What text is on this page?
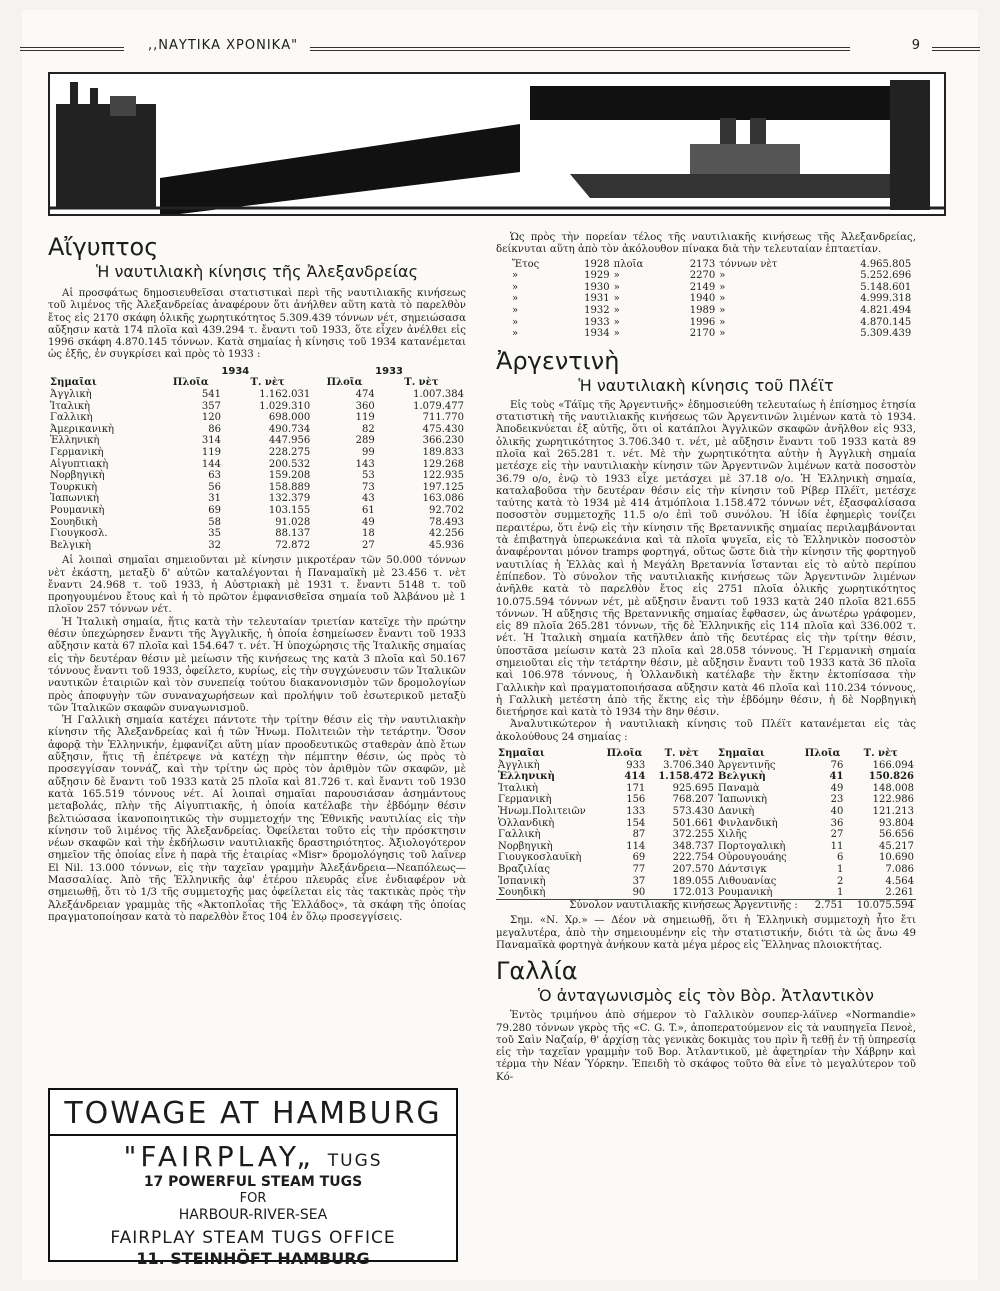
,,ΝΑΥΤΙΚΑ ΧΡΟΝΙΚΑ"	9
Αἴγυπτος
Ἡ ναυτιλιακὴ κίνησις τῆς Ἀλεξανδρείας

Αἱ προσφάτως δημοσιευθεῖσαι στατιστικαὶ περὶ τῆς ναυτιλιακῆς κινήσεως τοῦ λιμένος τῆς Ἀλεξανδρείας ἀναφέρουν ὅτι ἀνήλθεν αὕτη κατὰ τὸ παρελθὸν ἔτος εἰς 2170 σκάφη ὁλικῆς χωρητικότητος 5.309.439 τόννων νέτ, σημειώσασα αὔξησιν κατὰ 174 πλοῖα καὶ 439.294 τ. ἔναντι τοῦ 1933, ὅτε εἶχεν ἀνέλθει εἰς 1996 σκάφη 4.870.145 τόννων. Κατὰ σημαίας ἡ κίνησις τοῦ 1934 κατανέμεται ὡς ἑξῆς, ἐν συγκρίσει καὶ πρὸς τὸ 1933 :

	1934		1933	
Σημαῖαι	Πλοῖα	Τ. νὲτ	Πλοῖα	Τ. νὲτ
Ἀγγλικὴ	541	1.162.031	474	1.007.384
Ἰταλικὴ	357	1.029.310	360	1.079.477
Γαλλικὴ	120	698.000	119	711.770
Ἀμερικανικὴ	86	490.734	82	475.430
Ἑλληνικὴ	314	447.956	289	366.230
Γερμανικὴ	119	228.275	99	189.833
Αἰγυπτιακὴ	144	200.532	143	129.268
Νορβηγικὴ	63	159.208	53	122.935
Τουρκικὴ	56	158.889	73	197.125
Ἰαπωνικὴ	31	132.379	43	163.086
Ρουμανικὴ	69	103.155	61	92.702
Σουηδικὴ	58	91.028	49	78.493
Γιουγκοσλ.	35	88.137	18	42.256
Βελγικὴ	32	72.872	27	45.936

Αἱ λοιπαὶ σημαῖαι σημειοῦνται μὲ κίνησιν μικροτέραν τῶν 50.000 τόννων νὲτ ἑκάστη, μεταξὺ δ' αὐτῶν καταλέγονται ἡ Παναμαϊκὴ μὲ 23.456 τ. νὲτ ἔναντι 24.968 τ. τοῦ 1933, ἡ Αὐστριακὴ μὲ 1931 τ. ἔναντι 5148 τ. τοῦ προηγουμένου ἔτους καὶ ἡ τὸ πρῶτον ἐμφανισθεῖσα σημαία τοῦ Ἀλβάνου μὲ 1 πλοῖον 257 τόννων νέτ.

Ἡ Ἰταλικὴ σημαία, ἥτις κατὰ τὴν τελευταίαν τριετίαν κατεῖχε τὴν πρώτην θέσιν ὑπεχώρησεν ἔναντι τῆς Ἀγγλικῆς, ἡ ὁποία ἐσημείωσεν ἔναντι τοῦ 1933 αὔξησιν κατὰ 67 πλοῖα καὶ 154.647 τ. νέτ. Ἡ ὑποχώρησις τῆς Ἰταλικῆς σημαίας εἰς τὴν δευτέραν θέσιν μὲ μείωσιν τῆς κινήσεως της κατὰ 3 πλοῖα καὶ 50.167 τόννους ἔναντι τοῦ 1933, ὀφείλετο, κυρίως, εἰς τὴν συγχώνευσιν τῶν Ἰταλικῶν ναυτικῶν ἑταιριῶν καὶ τὸν συνεπείᾳ τούτου διακανονισμὸν τῶν δρομολογίων πρὸς ἀποφυγὴν τῶν συναναχωρήσεων καὶ προλήψιν τοῦ ἐσωτερικοῦ μεταξὺ τῶν Ἰταλικῶν σκαφῶν συναγωνισμοῦ.

Ἡ Γαλλικὴ σημαία κατέχει πάντοτε τὴν τρίτην θέσιν εἰς τὴν ναυτιλιακὴν κίνησιν τῆς Ἀλεξανδρείας καὶ ἡ τῶν Ἡνωμ. Πολιτειῶν τὴν τετάρτην. Ὅσον ἀφορᾷ τὴν Ἑλληνικήν, ἐμφανίζει αὕτη μίαν προοδευτικῶς σταθερὰν ἀπὸ ἔτων αὔξησιν, ἥτις τῇ ἐπέτρεψε νὰ κατέχῃ τὴν πέμπτην θέσιν, ὡς πρὸς τὸ προσεγγίσαν τοννάζ, καὶ τὴν τρίτην ὡς πρὸς τὸν ἀριθμὸν τῶν σκαφῶν, μὲ αὔξησιν δὲ ἔναντι τοῦ 1933 κατὰ 25 πλοῖα καὶ 81.726 τ. καὶ ἔναντι τοῦ 1930 κατὰ 165.519 τόννους νέτ. Αἱ λοιπαὶ σημαῖαι παρουσιάσαν ἀσημάντους μεταβολάς, πλὴν τῆς Αἰγυπτιακῆς, ἡ ὁποία κατέλαβε τὴν ἑβδόμην θέσιν βελτιώσασα ἱκανοποιητικῶς τὴν συμμετοχήν της Ἐθνικῆς ναυτιλίας εἰς τὴν κίνησιν τοῦ λιμένος τῆς Ἀλεξανδρείας. Ὀφείλεται τοῦτο εἰς τὴν πρόσκτησιν νέων σκαφῶν καὶ τὴν ἐκδήλωσιν ναυτιλιακῆς δραστηριότητος. Ἀξιολογότερον σημεῖον τῆς ὁποίας εἶνε ἡ παρὰ τῆς ἑταιρίας «Misr» δρομολόγησις τοῦ λαΐνερ El Nil. 13.000 τόννων, εἰς τὴν ταχεῖαν γραμμὴν Ἀλεξάνδρεια—Νεαπόλεως—Μασσαλίας. Ἀπὸ τῆς Ἑλληνικῆς ἀφ' ἑτέρου πλευρᾶς εἶνε ἐνδιαφέρον νὰ σημειωθῇ, ὅτι τὸ 1/3 τῆς συμμετοχῆς μας ὀφείλεται εἰς τὰς τακτικὰς πρὸς τὴν Ἀλεξάνδρειαν γραμμὰς τῆς «Ἀκτοπλοΐας τῆς Ἑλλάδος», τὰ σκάφη τῆς ὁποίας πραγματοποίησαν κατὰ τὸ παρελθὸν ἔτος 104 ἐν ὅλῳ προσεγγίσεις.

Ὡς πρὸς τὴν πορείαν τέλος τῆς ναυτιλιακῆς κινήσεως τῆς Ἀλεξανδρείας, δείκνυται αὕτη ἀπὸ τὸν ἀκόλουθον πίνακα διὰ τὴν τελευταίαν ἑπταετίαν.

Ἔτος	1928	πλοῖα	2173	τόννων νὲτ	4.965.805
»	1929	»	2270	»	5.252.696
»	1930	»	2149	»	5.148.601
»	1931	»	1940	»	4.999.318
»	1932	»	1989	»	4.821.494
»	1933	»	1996	»	4.870.145
»	1934	»	2170	»	5.309.439
Ἀργεντινὴ
Ἡ ναυτιλιακὴ κίνησις τοῦ Πλέϊτ

Εἰς τοὺς «Τάϊμς τῆς Ἀργεντινῆς» ἐδημοσιεύθη τελευταίως ἡ ἐπίσημος ἐτησία στατιστικὴ τῆς ναυτιλιακῆς κινήσεως τῶν Ἀργεντινῶν λιμένων κατὰ τὸ 1934. Ἀποδεικνύεται ἐξ αὐτῆς, ὅτι οἱ κατάπλοι Ἀγγλικῶν σκαφῶν ἀνῆλθον εἰς 933, ὁλικῆς χωρητικότητος 3.706.340 τ. νέτ, μὲ αὔξησιν ἔναντι τοῦ 1933 κατὰ 89 πλοῖα καὶ 265.281 τ. νέτ. Μὲ τὴν χωρητικότητα αὐτὴν ἡ Ἀγγλικὴ σημαία μετέσχε εἰς τὴν ναυτιλιακὴν κίνησιν τῶν Ἀργεντινῶν λιμένων κατὰ ποσοστὸν 36.79 ο/ο, ἐνῷ τὸ 1933 εἶχε μετάσχει μὲ 37.18 ο/ο. Ἡ Ἑλληνικὴ σημαία, καταλαβοῦσα τὴν δευτέραν θέσιν εἰς τὴν κίνησιν τοῦ Ρίβερ Πλέϊτ, μετέσχε ταύτης κατὰ τὸ 1934 μὲ 414 ἀτμόπλοια 1.158.472 τόννων νέτ, ἐξασφαλίσασα ποσοστὸν συμμετοχῆς 11.5 ο/ο ἐπὶ τοῦ συνόλου. Ἡ ἰδία ἐφημερὶς τονίζει περαιτέρω, ὅτι ἐνῷ εἰς τὴν κίνησιν τῆς Βρεταννικῆς σημαίας περιλαμβάνονται τὰ ἐπιβατηγὰ ὑπερωκεάνια καὶ τὰ πλοῖα ψυγεῖα, εἰς τὸ Ἑλληνικὸν ποσοστὸν ἀναφέρονται μόνον tramps φορτηγά, οὕτως ὥστε διὰ τὴν κίνησιν τῆς φορτηγοῦ ναυτιλίας ἡ Ἑλλὰς καὶ ἡ Μεγάλη Βρεταννία ἵστανται εἰς τὸ αὐτὸ περίπου ἐπίπεδον. Τὸ σύνολον τῆς ναυτιλιακῆς κινήσεως τῶν Ἀργεντινῶν λιμένων ἀνῆλθε κατὰ τὸ παρελθὸν ἔτος εἰς 2751 πλοῖα ὁλικῆς χωρητικότητος 10.075.594 τόννων νέτ, μὲ αὔξησιν ἔναντι τοῦ 1933 κατὰ 240 πλοῖα 821.655 τόννων. Ἡ αὔξησις τῆς Βρεταννικῆς σημαίας ἔφθασεν, ὡς ἀνωτέρω γράφομεν, εἰς 89 πλοῖα 265.281 τόννων, τῆς δὲ Ἑλληνικῆς εἰς 114 πλοῖα καὶ 336.002 τ. νέτ. Ἡ Ἰταλικὴ σημαία κατῆλθεν ἀπὸ τῆς δευτέρας εἰς τὴν τρίτην θέσιν, ὑποστᾶσα μείωσιν κατὰ 23 πλοῖα καὶ 28.058 τόννους. Ἡ Γερμανικὴ σημαία σημειοῦται εἰς τὴν τετάρτην θέσιν, μὲ αὔξησιν ἔναντι τοῦ 1933 κατὰ 36 πλοῖα καὶ 106.978 τόννους, ἡ Ὁλλανδικὴ κατέλαβε τὴν ἕκτην ἐκτοπίσασα τὴν Γαλλικὴν καὶ πραγματοποιήσασα αὔξησιν κατὰ 46 πλοῖα καὶ 110.234 τόννους, ἡ Γαλλικὴ μετέστη ἀπὸ τῆς ἕκτης εἰς τὴν ἑβδόμην θέσιν, ἡ δὲ Νορβηγικὴ διετήρησε καὶ κατὰ τὸ 1934 τὴν 8ην θέσιν.

Ἀναλυτικώτερον ἡ ναυτιλιακὴ κίνησις τοῦ Πλέϊτ κατανέμεται εἰς τὰς ἀκολούθους 24 σημαίας :

Σημαῖαι	Πλοῖα	Τ. νὲτ	Σημαῖαι	Πλοῖα	Τ. νὲτ
Ἀγγλικὴ	933	3.706.340	Ἀργεντινῆς	76	166.094
Ἑλληνικὴ	414	1.158.472	Βελγικὴ	41	150.826
Ἰταλικὴ	171	925.695	Παναμὰ	49	148.008
Γερμανικὴ	156	768.207	Ἰαπωνικὴ	23	122.986
Ἡνωμ.Πολιτειῶν	133	573.430	Δανικὴ	40	121.213
Ὁλλανδικὴ	154	501.661	Φινλανδικὴ	36	93.804
Γαλλικὴ	87	372.255	Χιλῆς	27	56.656
Νορβηγικὴ	114	348.737	Πορτογαλικὴ	11	45.217
Γιουγκοσλαυϊκὴ	69	222.754	Οὐρουγουάης	6	10.690
Βραζιλίας	77	207.570	Δάντσιγκ	1	7.086
Ἱσπανικὴ	37	189.055	Λιθουανίας	2	4.564
Σουηδικὴ	90	172.013	Ρουμανικὴ	1	2.261
Σύνολον ναυτιλιακῆς κινήσεως Ἀργεντινῆς :				2.751	10.075.594

Σημ. «Ν. Χρ.» — Δέον νὰ σημειωθῇ, ὅτι ἡ Ἑλληνικὴ συμμετοχὴ ἦτο ἔτι μεγαλυτέρα, ἀπὸ τὴν σημειουμένην εἰς τὴν στατιστικήν, διότι τὰ ὡς ἄνω 49 Παναμαϊκὰ φορτηγὰ ἀνήκουν κατὰ μέγα μέρος εἰς Ἕλληνας πλοιοκτήτας.

Γαλλία
Ὁ ἀνταγωνισμὸς εἰς τὸν Βὸρ. Ἀτλαντικὸν

Ἐντὸς τριμήνου ἀπὸ σήμερον τὸ Γαλλικὸν σουπερ-λάϊνερ «Normandie» 79.280 τόννων γκρὸς τῆς «C. G. T.», ἀποπερατούμενον εἰς τὰ ναυπηγεῖα Πενοὲ, τοῦ Σαὶν Ναζαίρ, θ' ἀρχίσῃ τὰς γενικὰς δοκιμὰς του πρὶν ἢ τεθῇ ἐν τῇ ὑπηρεσίᾳ εἰς τὴν ταχεῖαν γραμμὴν τοῦ Βορ. Ἀτλαντικοῦ, μὲ ἀφετηρίαν τὴν Χάβρην καὶ τέρμα τὴν Νέαν Ὑόρκην. Ἐπειδὴ τὸ σκάφος τοῦτο θὰ εἶνε τὸ μεγαλύτερον τοῦ Κό-

TOWAGE AT HAMBURG
"FAIRPLAY„ TUGS
17 POWERFUL STEAM TUGS
FOR
HARBOUR-RIVER-SEA
FAIRPLAY STEAM TUGS OFFICE
11. STEINHÖFT HAMBURG
